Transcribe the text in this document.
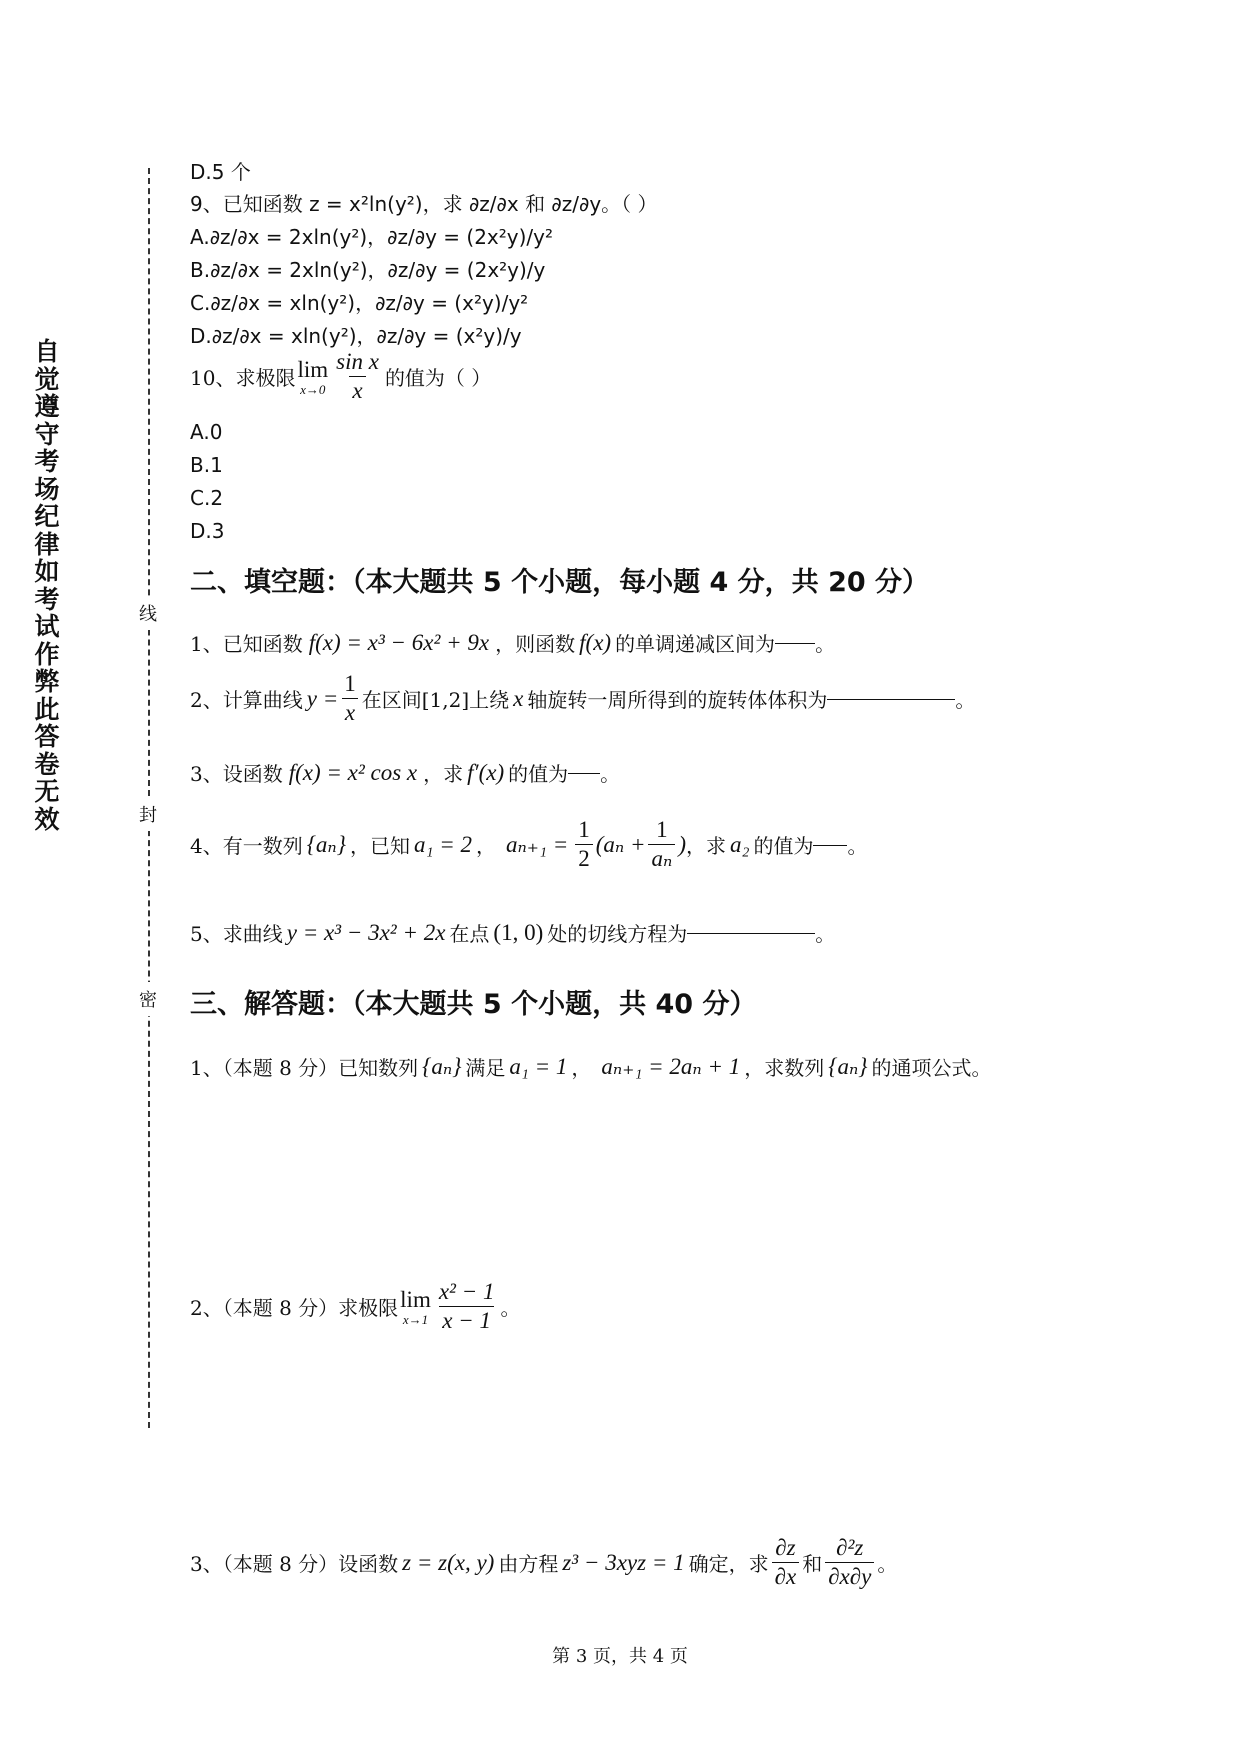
自觉遵守考场纪律如考试作弊此答卷无效
线
封
密
D.5 个
9、已知函数 z = x²ln(y²)，求 ∂z/∂x 和 ∂z/∂y。（ ）
A.∂z/∂x = 2xln(y²)，∂z/∂y = (2x²y)/y²
B.∂z/∂x = 2xln(y²)，∂z/∂y = (2x²y)/y
C.∂z/∂x = xln(y²)，∂z/∂y = (x²y)/y²
D.∂z/∂x = xln(y²)，∂z/∂y = (x²y)/y
10、求极限 lim
$x\to 0 \frac{\text{sin x}}{x}$ 的值为（ ）
A.0
B.1
C.2
D.3
二、填空题：（本大题共 5 个小题，每小题 4 分，共 20 分）
1、已知函数 f(x) = x³ − 6x² + 9x ，则函数 f(x) 的单调递减区间为 。
2、计算曲线 $y = \frac{1}{x}$ 在区间[1,2]上绕 x 轴旋转一周所得到的旋转体体积为	。
3、设函数 f(x) = x² cos x ，求 f′(x) 的值为 。
4、有一数列 {aₙ} ，已知 a₁ = 2 ， $a_{n+1} = \frac{1}{2} (a_n + \frac{1}{\text{aₙ}}$ ) ，求 a₂ 的值为 。
5、求曲线 y = x³ − 3x² + 2x 在点 (1, 0) 处的切线方程为	。
三、解答题：（本大题共 5 个小题，共 40 分）
1、（本题 8 分）已知数列 {aₙ} 满足 a₁ = 1 ， aₙ₊₁ = 2aₙ + 1 ，求数列 {aₙ} 的通项公式。
2、（本题 8 分）求极限 lim
$x\to 1 \frac{\text{x² − 1}}{x - 1}$ 。
3、（本题 8 分）设函数 z = z(x, y) 由方程 z³ − 3xyz = 1 确定，求 $\frac{\partial z}{\partial x}$ 和 $\frac{\text{∂²z}}{\partial x\partial y}$ 。
第 3 页，共 4 页
